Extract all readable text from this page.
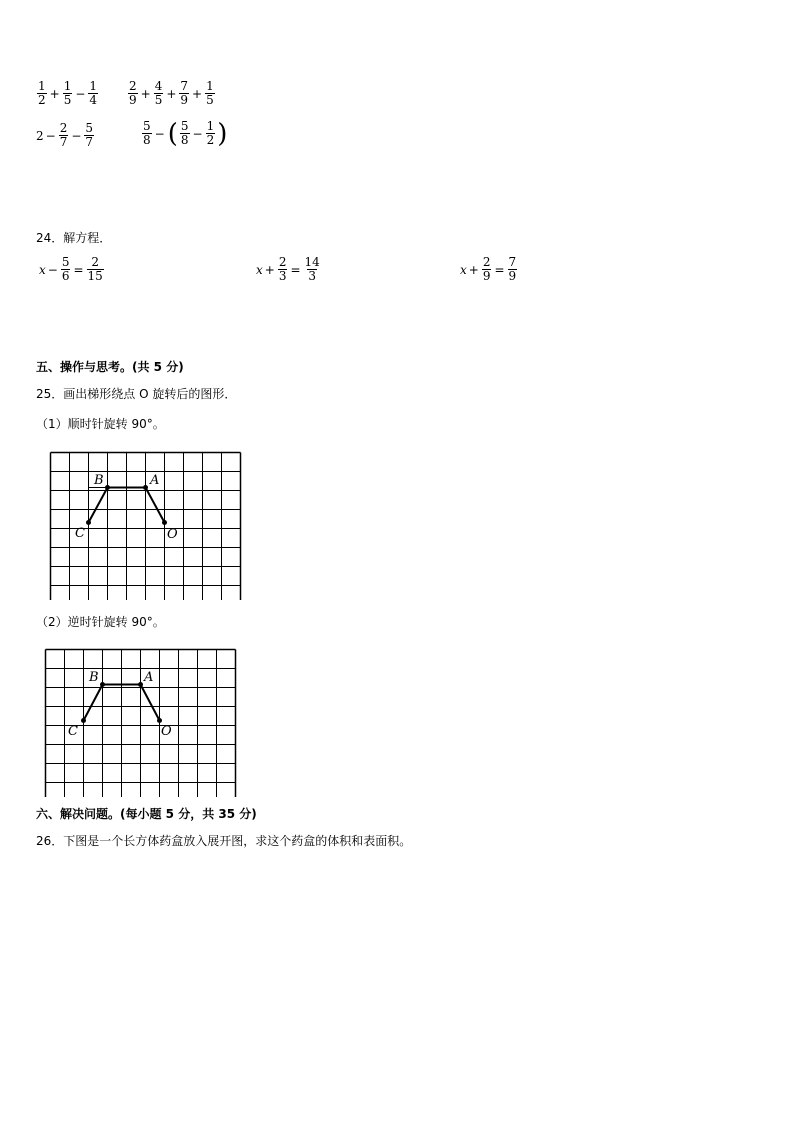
$\frac{1}{2} + \frac{1}{5} - \frac{1}{4} \frac{2}{9} + \frac{4}{5} + \frac{7}{9} + \frac{1}{5}$
$2 - \frac{2}{7} - \frac{5}{7}$	$\frac{5}{8}$ − ( $\frac{5}{8} - \frac{1}{2}$ )
24．解方程．
$x - \frac{5}{6} = \frac{2}{15}$	$x + \frac{2}{3} = \frac{14}{3}$	$x + \frac{2}{9} = \frac{7}{9}$
五、操作与思考。(共 5 分)
25．画出梯形绕点 O 旋转后的图形．
（1）顺时针旋转 90°。
B	A
C	O
（2）逆时针旋转 90°。
B	A
C	O
六、解决问题。(每小题 5 分，共 35 分)
26．下图是一个长方体药盒放入展开图，求这个药盒的体积和表面积。
